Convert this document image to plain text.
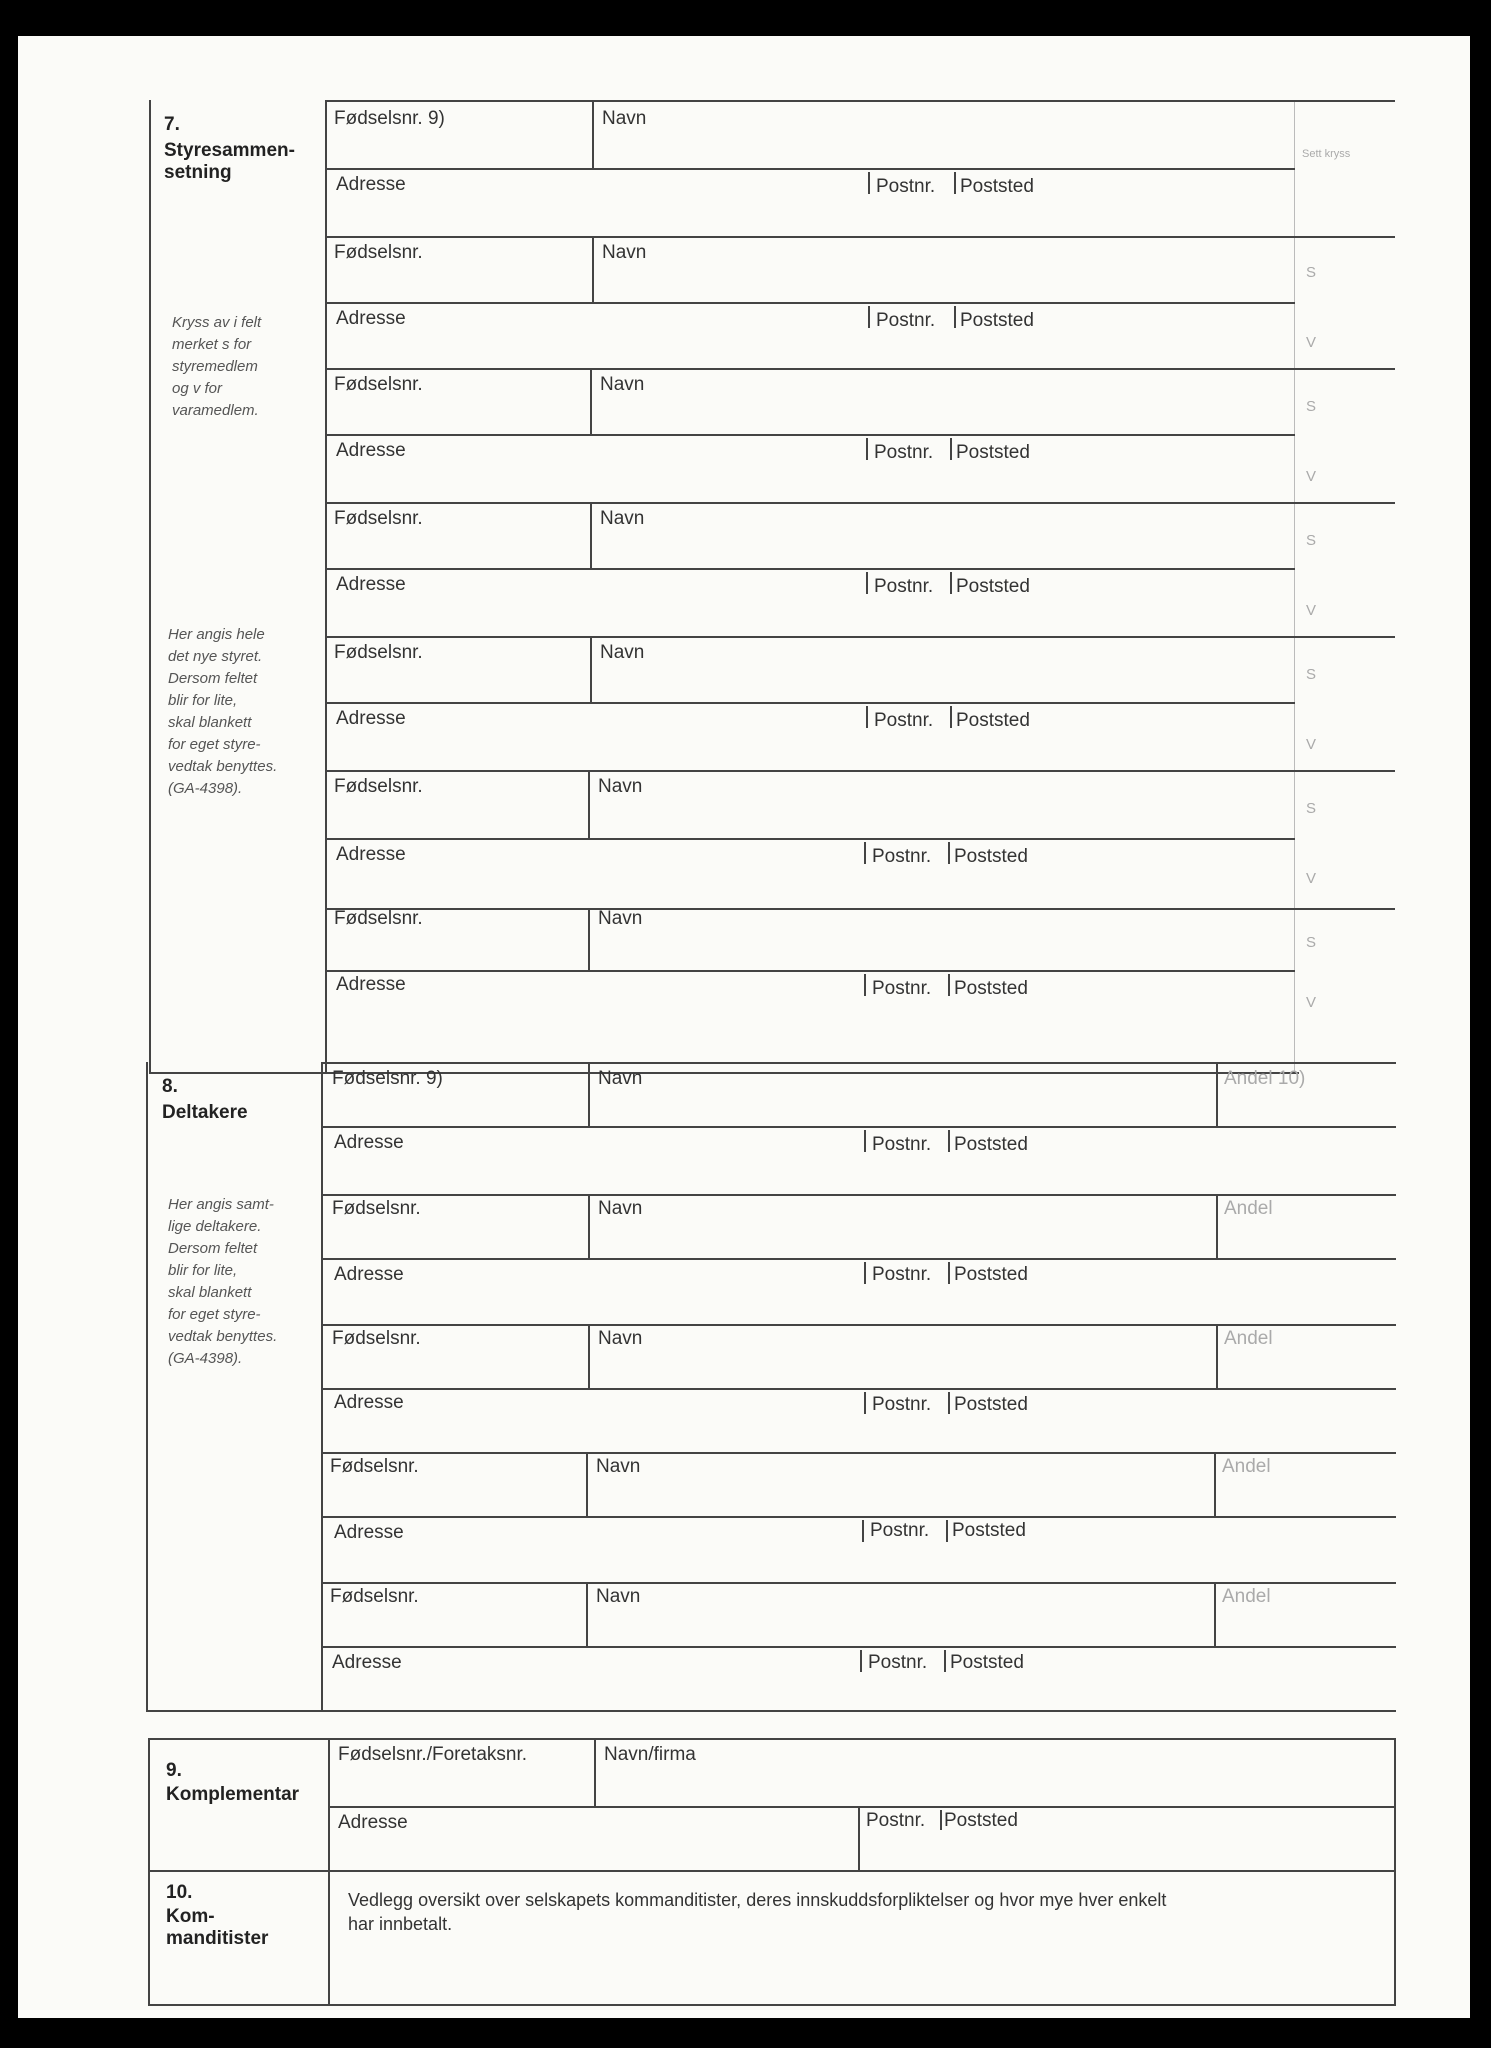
7.
Styresammen-
setning
Kryss av i felt
merket s for
styremedlem
og v for
varamedlem.
Her angis hele
det nye styret.
Dersom feltet
blir for lite,
skal blankett
for eget styre-
vedtak benyttes.
(GA-4398).
Sett kryss
Fødselsnr. 9)	Navn
Adresse	Postnr. Poststed
Fødselsnr.	Navn
Adresse	Postnr. Poststed
S
V
Fødselsnr.	Navn
Adresse	Postnr. Poststed
S
V
Fødselsnr.	Navn
Adresse	Postnr. Poststed
S
V
Fødselsnr.	Navn
Adresse	Postnr. Poststed
S
V
Fødselsnr.	Navn
Adresse	Postnr. Poststed
S
V
Fødselsnr.	Navn
Adresse	Postnr. Poststed
S
V
8.
Deltakere
Her angis samt-
lige deltakere.
Dersom feltet
blir for lite,
skal blankett
for eget styre-
vedtak benyttes.
(GA-4398).
Fødselsnr. 9)	Navn	Andel 10)
Adresse	Postnr. Poststed
Fødselsnr.	Navn	Andel
Adresse	Postnr. Poststed
Fødselsnr.	Navn	Andel
Adresse	Postnr. Poststed
Fødselsnr.	Navn	Andel
Adresse	Postnr. Poststed
Fødselsnr.	Navn	Andel
Adresse	Postnr. Poststed
9.
Komplementar
Fødselsnr./Foretaksnr.	Navn/firma
Adresse	Postnr. Poststed
10.
Kom-
manditister
Vedlegg oversikt over selskapets kommanditister, deres innskuddsforpliktelser og hvor mye hver enkelt
har innbetalt.
